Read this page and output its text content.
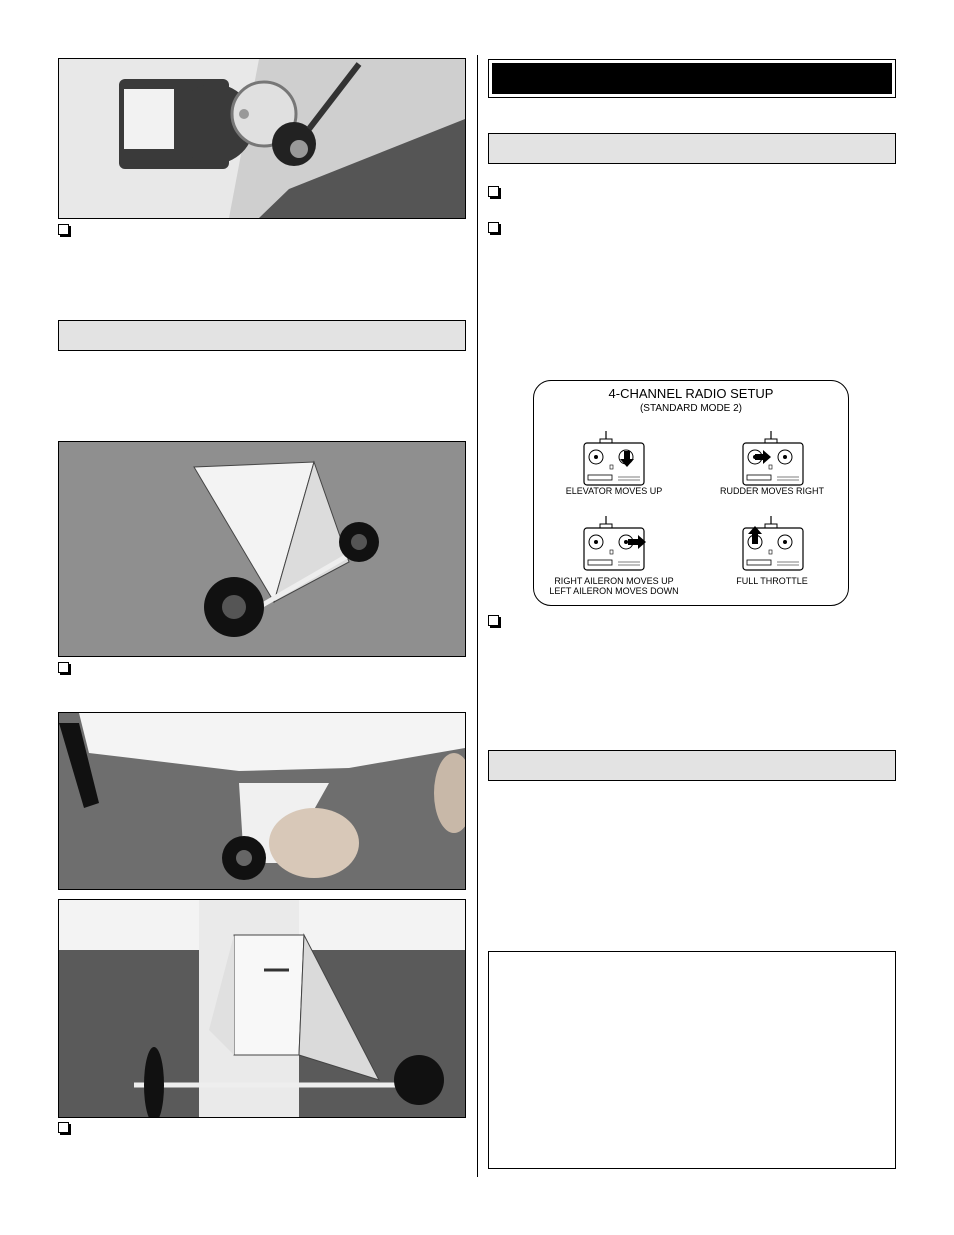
4-CHANNEL RADIO SETUP
(STANDARD MODE 2)
ELEVATOR MOVES UP	RUDDER MOVES RIGHT
RIGHT AILERON MOVES UP
LEFT AILERON MOVES DOWN
FULL THROTTLE
